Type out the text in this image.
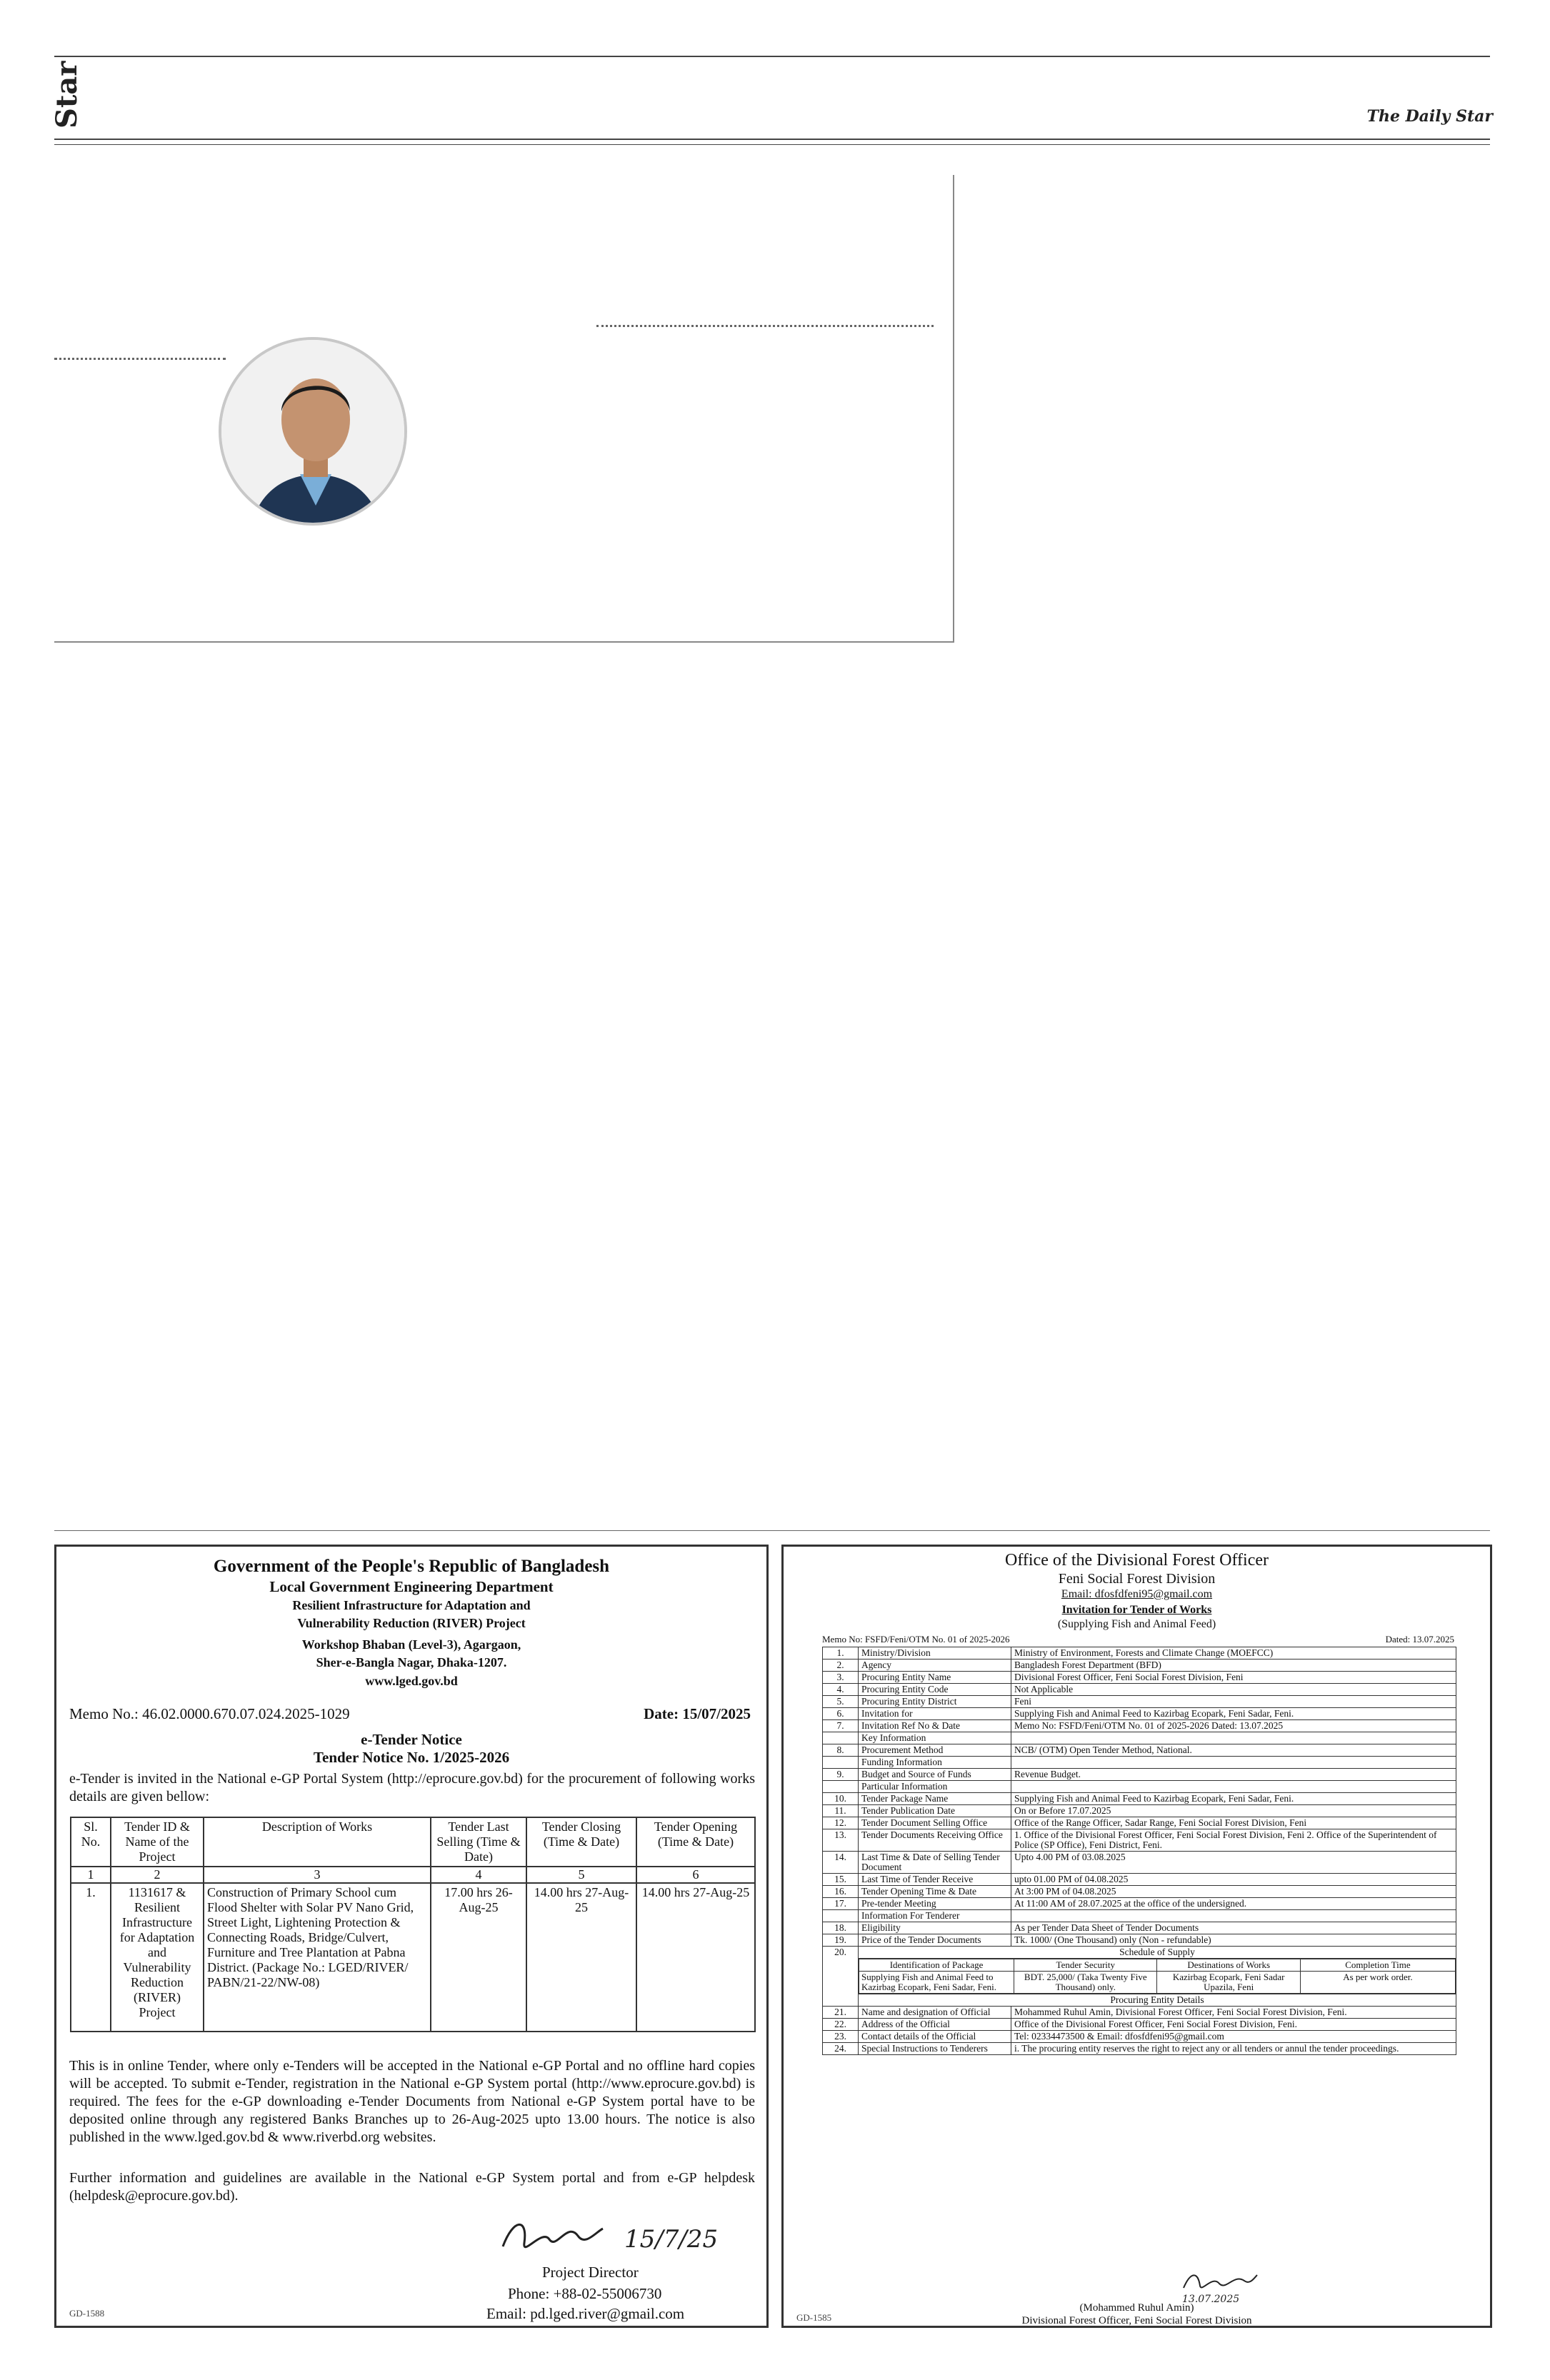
Star	The Daily Star
Government of the People's Republic of Bangladesh
Local Government Engineering Department
Resilient Infrastructure for Adaptation and
Vulnerability Reduction (RIVER) Project
Workshop Bhaban (Level-3), Agargaon,
Sher-e-Bangla Nagar, Dhaka-1207.
www.lged.gov.bd
Memo No.: 46.02.0000.670.07.024.2025-1029	Date: 15/07/2025
e-Tender Notice
Tender Notice No. 1/2025-2026
e-Tender is invited in the National e-GP Portal System (http://eprocure.gov.bd) for the procurement of following works details are given bellow:
Sl. No.	Tender ID & Name of the Project	Description of Works	Tender Last Selling (Time & Date)	Tender Closing (Time & Date)	Tender Opening (Time & Date)
1	2	3	4	5	6
1.	1131617 & Resilient Infrastructure for Adaptation and Vulnerability Reduction (RIVER) Project	Construction of Primary School cum Flood Shelter with Solar PV Nano Grid, Street Light, Lightening Protection & Connecting Roads, Bridge/Culvert, Furniture and Tree Plantation at Pabna District. (Package No.: LGED/RIVER/ PABN/21-22/NW-08)	17.00 hrs 26-Aug-25	14.00 hrs 27-Aug-25	14.00 hrs 27-Aug-25
This is in online Tender, where only e-Tenders will be accepted in the National e-GP Portal and no offline hard copies will be accepted. To submit e-Tender, registration in the National e-GP System portal (http://www.eprocure.gov.bd) is required. The fees for the e-GP downloading e-Tender Documents from National e-GP System portal have to be deposited online through any registered Banks Branches up to 26-Aug-2025 upto 13.00 hours. The notice is also published in the www.lged.gov.bd & www.riverbd.org websites.
Further information and guidelines are available in the National e-GP System portal and from e-GP helpdesk (helpdesk@eprocure.gov.bd).
15/7/25
Project Director
Phone: +88-02-55006730
Email: pd.lged.river@gmail.com
GD-1588
Office of the Divisional Forest Officer
Feni Social Forest Division
Email: dfosfdfeni95@gmail.com
Invitation for Tender of Works
(Supplying Fish and Animal Feed)
Memo No: FSFD/Feni/OTM No. 01 of 2025-2026	Dated: 13.07.2025
1.	Ministry/Division	Ministry of Environment, Forests and Climate Change (MOEFCC)
2.	Agency	Bangladesh Forest Department (BFD)
3.	Procuring Entity Name	Divisional Forest Officer, Feni Social Forest Division, Feni
4.	Procuring Entity Code	Not Applicable
5.	Procuring Entity District	Feni
6.	Invitation for	Supplying Fish and Animal Feed to Kazirbag Ecopark, Feni Sadar, Feni.
7.	Invitation Ref No & Date	Memo No: FSFD/Feni/OTM No. 01 of 2025-2026 Dated: 13.07.2025
	Key Information	
8.	Procurement Method	NCB/ (OTM) Open Tender Method, National.
	Funding Information	
9.	Budget and Source of Funds	Revenue Budget.
	Particular Information	
10.	Tender Package Name	Supplying Fish and Animal Feed to Kazirbag Ecopark, Feni Sadar, Feni.
11.	Tender Publication Date	On or Before 17.07.2025
12.	Tender Document Selling Office	Office of the Range Officer, Sadar Range, Feni Social Forest Division, Feni
13.	Tender Documents Receiving Office	1. Office of the Divisional Forest Officer, Feni Social Forest Division, Feni 2. Office of the Superintendent of Police (SP Office), Feni District, Feni.
14.	Last Time & Date of Selling Tender Document	Upto 4.00 PM of 03.08.2025
15.	Last Time of Tender Receive	upto 01.00 PM of 04.08.2025
16.	Tender Opening Time & Date	At 3:00 PM of 04.08.2025
17.	Pre-tender Meeting	At 11:00 AM of 28.07.2025 at the office of the undersigned.
	Information For Tenderer	
18.	Eligibility	As per Tender Data Sheet of Tender Documents
19.	Price of the Tender Documents	Tk. 1000/ (One Thousand) only (Non - refundable)
20.	Schedule of Supply
Identification of Package	Tender Security	Destinations of Works	Completion Time
Supplying Fish and Animal Feed to Kazirbag Ecopark, Feni Sadar, Feni.	BDT. 25,000/ (Taka Twenty Five Thousand) only.	Kazirbag Ecopark, Feni Sadar Upazila, Feni	As per work order.
Procuring Entity Details

21.	Name and designation of Official	Mohammed Ruhul Amin, Divisional Forest Officer, Feni Social Forest Division, Feni.
22.	Address of the Official	Office of the Divisional Forest Officer, Feni Social Forest Division, Feni.
23.	Contact details of the Official	Tel: 02334473500 & Email: dfosfdfeni95@gmail.com
24.	Special Instructions to Tenderers	i. The procuring entity reserves the right to reject any or all tenders or annul the tender proceedings.
13.07.2025
(Mohammed Ruhul Amin)
Divisional Forest Officer, Feni Social Forest Division
GD-1585
